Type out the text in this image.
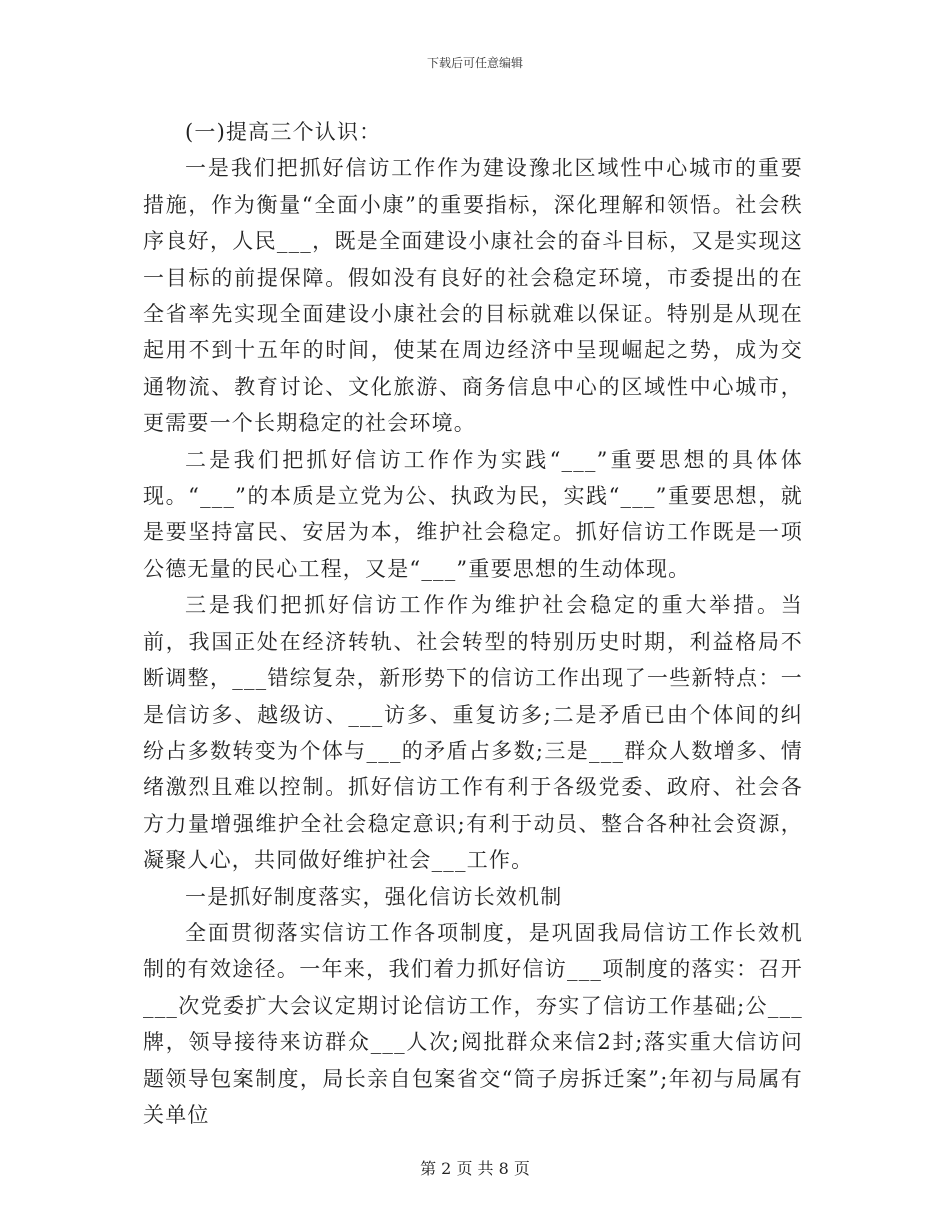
下载后可任意编辑

(一)提高三个认识：

一是我们把抓好信访工作作为建设豫北区域性中心城市的重要措施，作为衡量“全面小康”的重要指标，深化理解和领悟。社会秩序良好，人民___，既是全面建设小康社会的奋斗目标，又是实现这一目标的前提保障。假如没有良好的社会稳定环境，市委提出的在全省率先实现全面建设小康社会的目标就难以保证。特别是从现在起用不到十五年的时间，使某在周边经济中呈现崛起之势，成为交通物流、教育讨论、文化旅游、商务信息中心的区域性中心城市，更需要一个长期稳定的社会环境。

二是我们把抓好信访工作作为实践“___”重要思想的具体体现。“___”的本质是立党为公、执政为民，实践“___”重要思想，就是要坚持富民、安居为本，维护社会稳定。抓好信访工作既是一项公德无量的民心工程，又是“___”重要思想的生动体现。

三是我们把抓好信访工作作为维护社会稳定的重大举措。当前，我国正处在经济转轨、社会转型的特别历史时期，利益格局不断调整，___错综复杂，新形势下的信访工作出现了一些新特点：一是信访多、越级访、___访多、重复访多;二是矛盾已由个体间的纠纷占多数转变为个体与___的矛盾占多数;三是___群众人数增多、情绪激烈且难以控制。抓好信访工作有利于各级党委、政府、社会各方力量增强维护全社会稳定意识;有利于动员、整合各种社会资源，凝聚人心，共同做好维护社会___工作。

一是抓好制度落实，强化信访长效机制

全面贯彻落实信访工作各项制度，是巩固我局信访工作长效机制的有效途径。一年来，我们着力抓好信访___项制度的落实：召开___次党委扩大会议定期讨论信访工作，夯实了信访工作基础;公___牌，领导接待来访群众___人次;阅批群众来信2封;落实重大信访问题领导包案制度，局长亲自包案省交“筒子房拆迁案”;年初与局属有关单位

第 2 页 共 8 页
